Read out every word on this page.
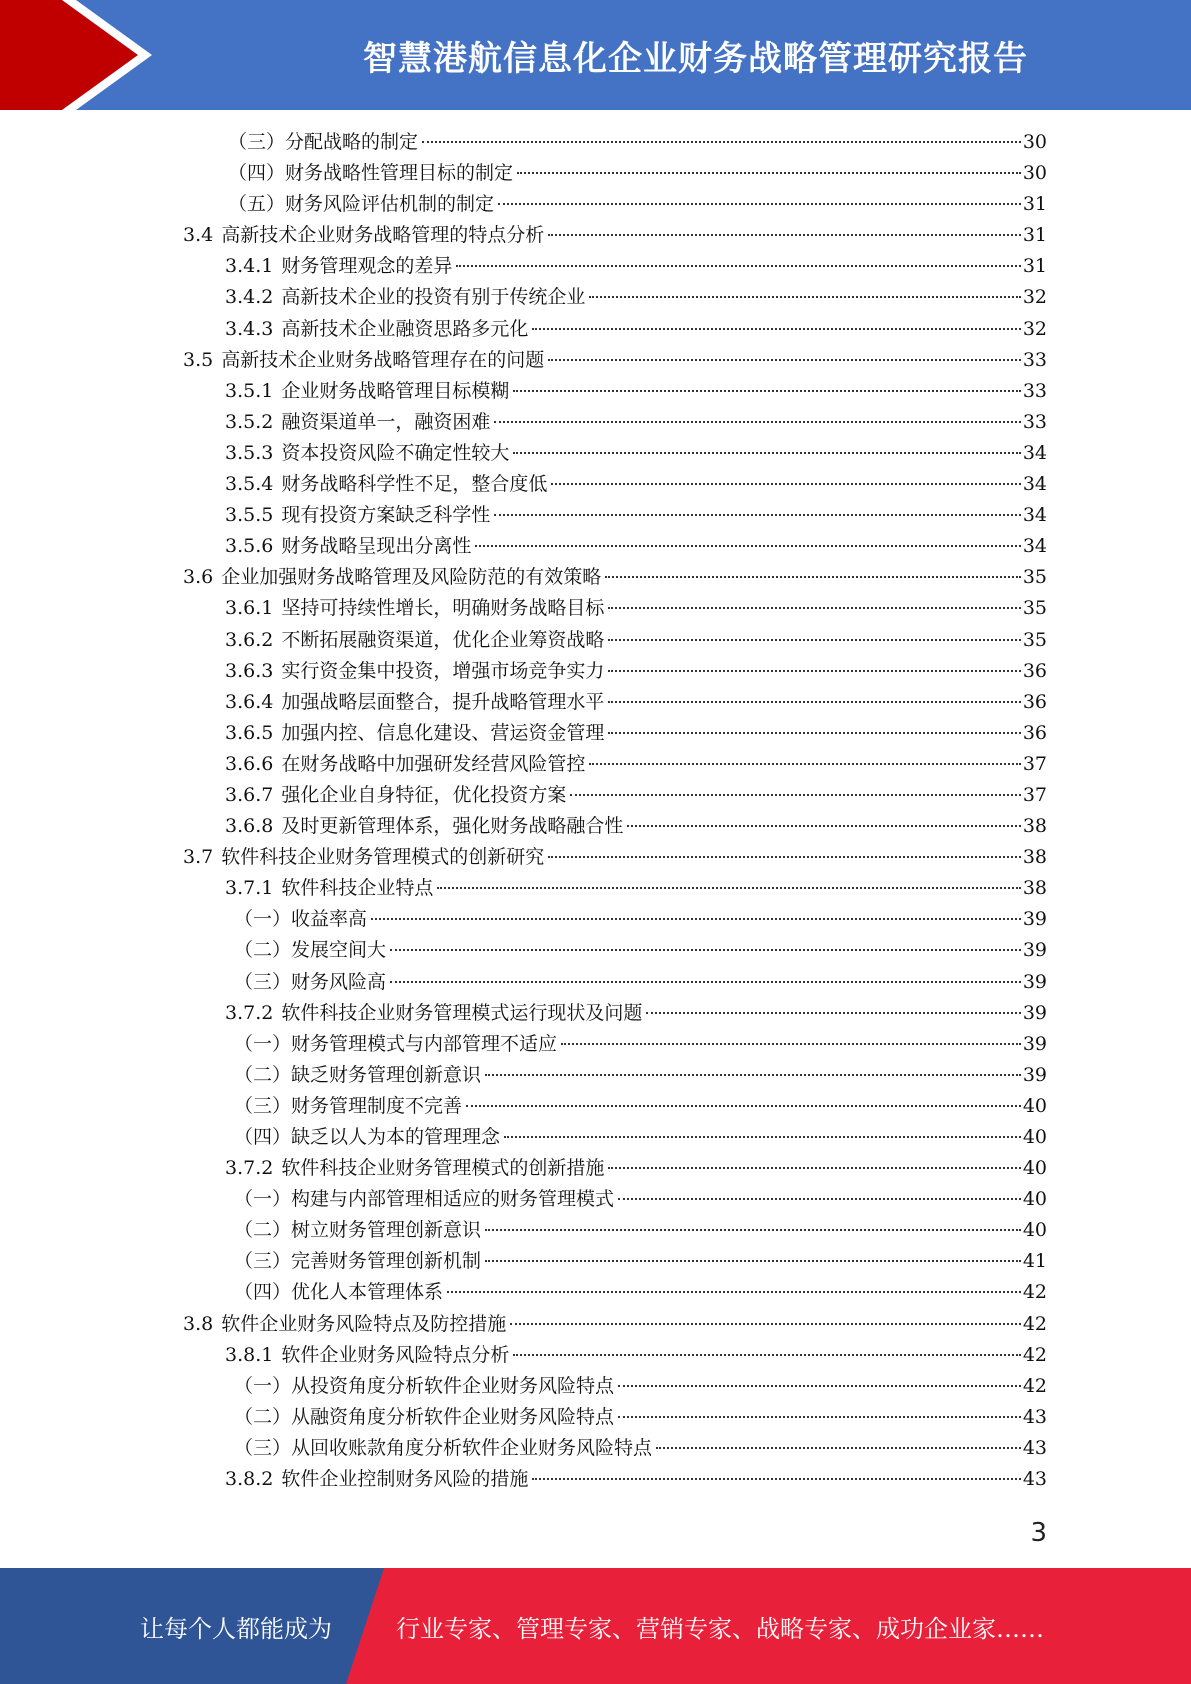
智慧港航信息化企业财务战略管理研究报告
（三）分配战略的制定	30
（四）财务战略性管理目标的制定	30
（五）财务风险评估机制的制定	31
3.4 高新技术企业财务战略管理的特点分析	31
3.4.1 财务管理观念的差异	31
3.4.2 高新技术企业的投资有别于传统企业	32
3.4.3 高新技术企业融资思路多元化	32
3.5 高新技术企业财务战略管理存在的问题	33
3.5.1 企业财务战略管理目标模糊	33
3.5.2 融资渠道单一，融资困难	33
3.5.3 资本投资风险不确定性较大	34
3.5.4 财务战略科学性不足，整合度低	34
3.5.5 现有投资方案缺乏科学性	34
3.5.6 财务战略呈现出分离性	34
3.6 企业加强财务战略管理及风险防范的有效策略	35
3.6.1 坚持可持续性增长，明确财务战略目标	35
3.6.2 不断拓展融资渠道，优化企业筹资战略	35
3.6.3 实行资金集中投资，增强市场竞争实力	36
3.6.4 加强战略层面整合，提升战略管理水平	36
3.6.5 加强内控、信息化建设、营运资金管理	36
3.6.6 在财务战略中加强研发经营风险管控	37
3.6.7 强化企业自身特征，优化投资方案	37
3.6.8 及时更新管理体系，强化财务战略融合性	38
3.7 软件科技企业财务管理模式的创新研究	38
3.7.1 软件科技企业特点	38
（一）收益率高	39
（二）发展空间大	39
（三）财务风险高	39
3.7.2 软件科技企业财务管理模式运行现状及问题	39
（一）财务管理模式与内部管理不适应	39
（二）缺乏财务管理创新意识	39
（三）财务管理制度不完善	40
（四）缺乏以人为本的管理理念	40
3.7.2 软件科技企业财务管理模式的创新措施	40
（一）构建与内部管理相适应的财务管理模式	40
（二）树立财务管理创新意识	40
（三）完善财务管理创新机制	41
（四）优化人本管理体系	42
3.8 软件企业财务风险特点及防控措施	42
3.8.1 软件企业财务风险特点分析	42
（一）从投资角度分析软件企业财务风险特点	42
（二）从融资角度分析软件企业财务风险特点	43
（三）从回收账款角度分析软件企业财务风险特点	43
3.8.2 软件企业控制财务风险的措施	43
3
让每个人都能成为	行业专家、管理专家、营销专家、战略专家、成功企业家……
